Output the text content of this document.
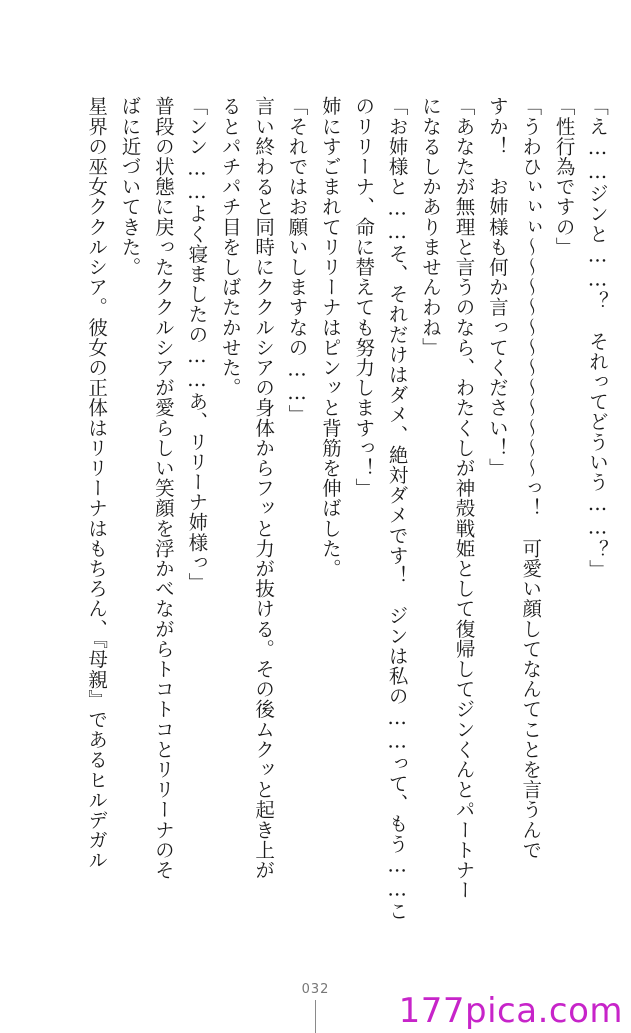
「え……ジンと……？　それってどういう……？」
「性行為ですの」
「うわひぃぃぃ〜〜〜〜〜〜〜〜〜〜〜〜っ！　可愛い顔してなんてことを言うんで
すか！　お姉様も何か言ってください！」
「あなたが無理と言うのなら、わたくしが神殻戦姫として復帰してジンくんとパートナー
になるしかありませんわね」
「お姉様と……そ、それだけはダメ、絶対ダメです！　ジンは私の……って、もう……こ
のリリーナ、命に替えても努力しますっ！」
姉にすごまれてリリーナはピンッと背筋を伸ばした。
「それではお願いしますなの……」
言い終わると同時にククルシアの身体からフッと力が抜ける。その後ムクッと起き上が
るとパチパチ目をしばたかせた。
「ンン……よく寝ましたの……あ、リリーナ姉様っ」
普段の状態に戻ったククルシアが愛らしい笑顔を浮かべながらトコトコとリリーナのそ
ばに近づいてきた。
星界の巫女ククルシア。彼女の正体はリリーナはもちろん、『母親』であるヒルデガル
032
177pica.com
